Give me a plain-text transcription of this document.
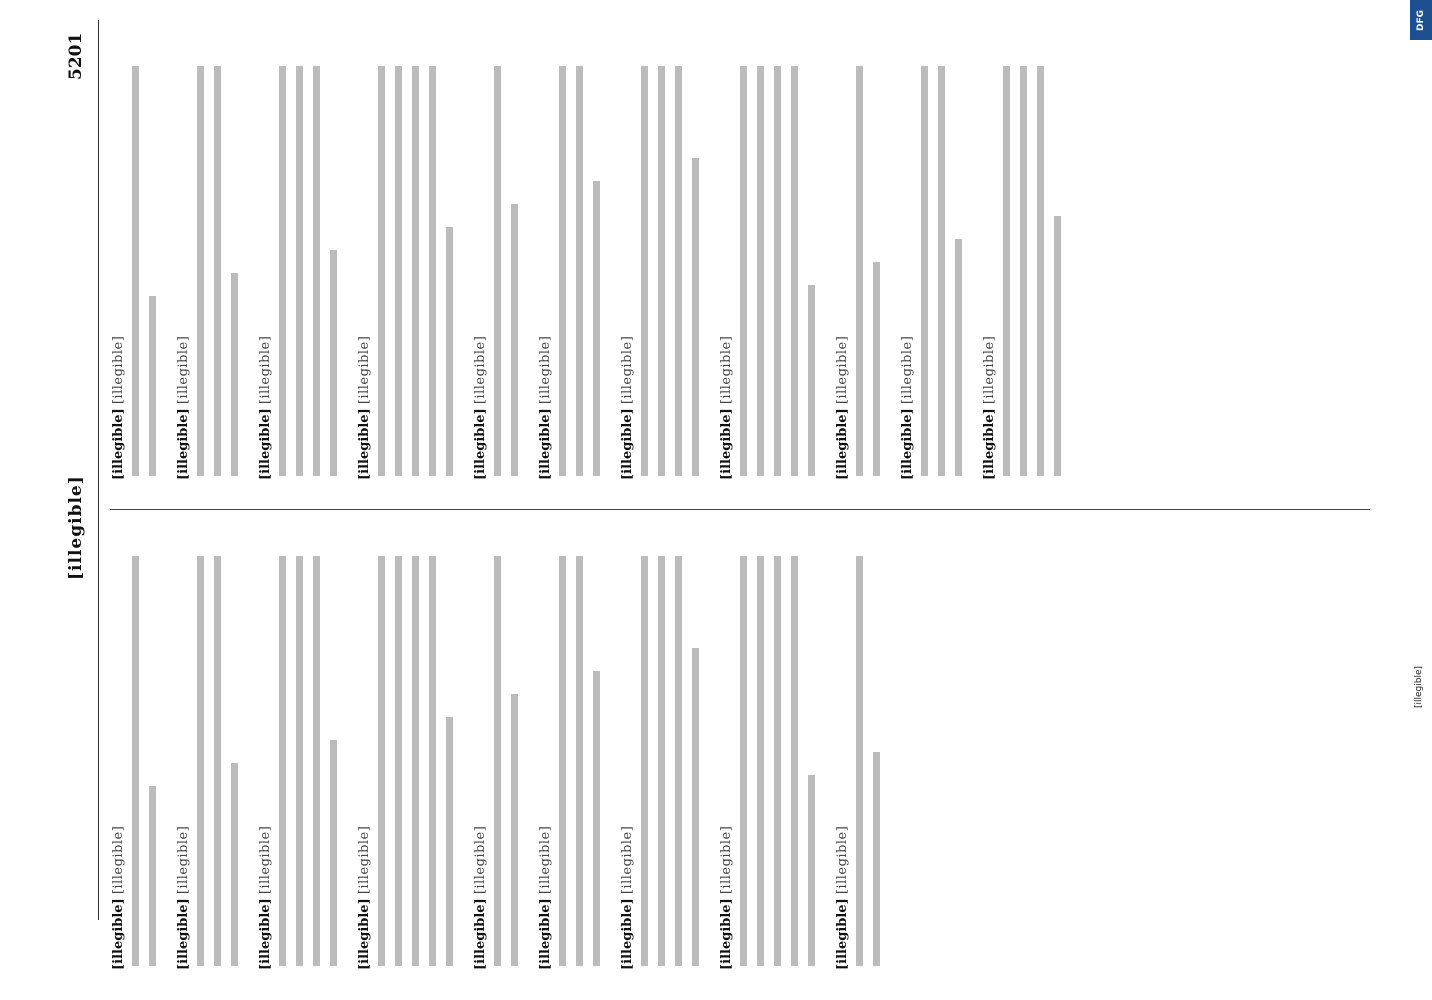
[illegible]
5201
[illegible] [illegible]
[illegible] [illegible]
[illegible] [illegible]
[illegible] [illegible]
[illegible] [illegible]
[illegible] [illegible]
[illegible] [illegible]
[illegible] [illegible]
[illegible] [illegible]
[illegible] [illegible]
[illegible] [illegible]
[illegible] [illegible]
[illegible] [illegible]
[illegible] [illegible]
[illegible] [illegible]
[illegible] [illegible]
[illegible] [illegible]
[illegible] [illegible]
[illegible] [illegible]
[illegible] [illegible]
DFG
[illegible]
